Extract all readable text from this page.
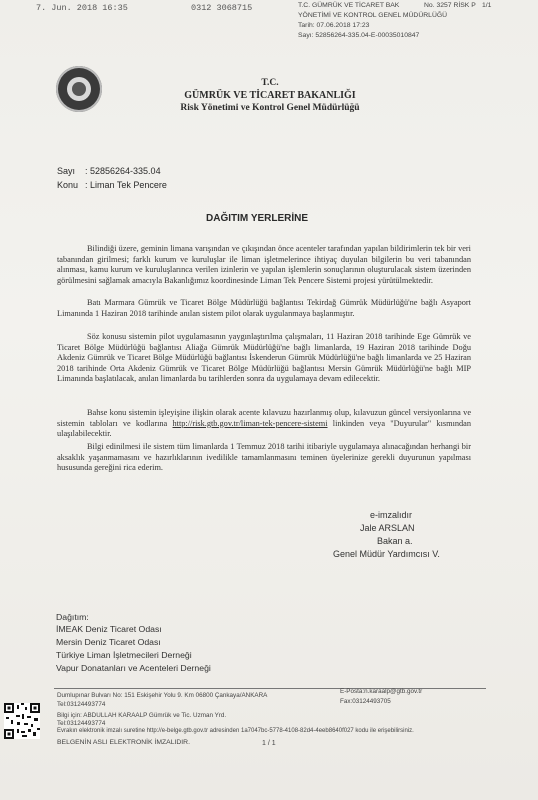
7. Jun. 2018 16:35	0312 3068715	T.C. GÜMRÜK VE TİCARET BAK	No. 3257 RİSK P 1/1
YÖNETİMİ VE KONTROL GENEL MÜDÜRLÜĞÜ
Tarih: 07.06.2018 17:23
Sayı: 52856264-335.04-E-00035010847
T.C.
GÜMRÜK VE TİCARET BAKANLIĞI
Risk Yönetimi ve Kontrol Genel Müdürlüğü
Sayı : 52856264-335.04
Konu : Liman Tek Pencere
DAĞITIM YERLERİNE
Bilindiği üzere, geminin limana varışından ve çıkışından önce acenteler tarafından yapılan bildirimlerin tek bir veri tabanından girilmesi; farklı kurum ve kuruluşlar ile liman işletmelerince ihtiyaç duyulan bilgilerin bu veri tabanından alınması, kamu kurum ve kuruluşlarınca verilen izinlerin ve yapılan işlemlerin sonuçlarının oluşturulacak sistem üzerinden görülmesini sağlamak amacıyla Bakanlığımız koordinesinde Liman Tek Pencere Sistemi projesi yürütülmektedir.
Batı Marmara Gümrük ve Ticaret Bölge Müdürlüğü bağlantısı Tekirdağ Gümrük Müdürlüğü'ne bağlı Asyaport Limanında 1 Haziran 2018 tarihinde anılan sistem pilot olarak uygulanmaya başlanmıştır.
Söz konusu sistemin pilot uygulamasının yaygınlaştırılma çalışmaları, 11 Haziran 2018 tarihinde Ege Gümrük ve Ticaret Bölge Müdürlüğü bağlantısı Aliağa Gümrük Müdürlüğü'ne bağlı limanlarda, 19 Haziran 2018 tarihinde Doğu Akdeniz Gümrük ve Ticaret Bölge Müdürlüğü bağlantısı İskenderun Gümrük Müdürlüğü'ne bağlı limanlarda ve 25 Haziran 2018 tarihinde Orta Akdeniz Gümrük ve Ticaret Bölge Müdürlüğü bağlantısı Mersin Gümrük Müdürlüğü'ne bağlı MIP Limanında başlatılacak, anılan limanlarda bu tarihlerden sonra da uygulamaya devam edilecektir.
Bahse konu sistemin işleyişine ilişkin olarak acente kılavuzu hazırlanmış olup, kılavuzun güncel versiyonlarına ve sistemin tabloları ve kodlarına http://risk.gtb.gov.tr/liman-tek-pencere-sistemi linkinden veya "Duyurular" kısmından ulaşılabilecektir.
Bilgi edinilmesi ile sistem tüm limanlarda 1 Temmuz 2018 tarihi itibariyle uygulamaya alınacağından herhangi bir aksaklık yaşanmamasını ve hazırlıklarının ivedilikle tamamlanmasını teminen üyelerinize gerekli duyurunun yapılması hususunda gereğini rica ederim.
e-imzalıdır
Jale ARSLAN
Bakan a.
Genel Müdür Yardımcısı V.
Dağıtım:
İMEAK Deniz Ticaret Odası
Mersin Deniz Ticaret Odası
Türkiye Liman İşletmecileri Derneği
Vapur Donatanları ve Acenteleri Derneği
Dumlupınar Bulvarı No: 151 Eskişehir Yolu 9. Km 06800 Çankaya/ANKARA
Tel:03124493774
E-Posta:n.karaalp@gtb.gov.tr
Fax:03124493705
Bilgi için: ABDULLAH KARAALP Gümrük ve Tic. Uzman Yrd.
Tel:03124493774
Evrakın elektronik imzalı suretine http://e-belge.gtb.gov.tr adresinden 1a7047bc-5778-4108-82d4-4eeb8640f027 kodu ile erişebilirsiniz.
BELGENİN ASLI ELEKTRONİK İMZALIDIR.	1 / 1
